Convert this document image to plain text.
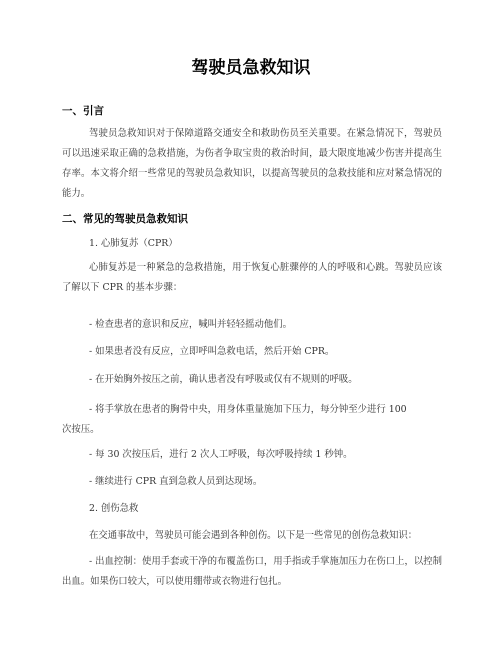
驾驶员急救知识
一、引言

驾驶员急救知识对于保障道路交通安全和救助伤员至关重要。在紧急情况下，驾驶员可以迅速采取正确的急救措施，为伤者争取宝贵的救治时间，最大限度地减少伤害并提高生存率。本文将介绍一些常见的驾驶员急救知识，以提高驾驶员的急救技能和应对紧急情况的能力。

二、常见的驾驶员急救知识

1. 心肺复苏（CPR）

心肺复苏是一种紧急的急救措施，用于恢复心脏骤停的人的呼吸和心跳。驾驶员应该了解以下 CPR 的基本步骤：

- 检查患者的意识和反应，喊叫并轻轻摇动他们。

- 如果患者没有反应，立即呼叫急救电话，然后开始 CPR。

- 在开始胸外按压之前，确认患者没有呼吸或仅有不规则的呼吸。

- 将手掌放在患者的胸骨中央，用身体重量施加下压力，每分钟至少进行 100 次按压。

- 每 30 次按压后，进行 2 次人工呼吸，每次呼吸持续 1 秒钟。

- 继续进行 CPR 直到急救人员到达现场。

2. 创伤急救

在交通事故中，驾驶员可能会遇到各种创伤。以下是一些常见的创伤急救知识：

- 出血控制：使用手套或干净的布覆盖伤口，用手指或手掌施加压力在伤口上，以控制出血。如果伤口较大，可以使用绷带或衣物进行包扎。
